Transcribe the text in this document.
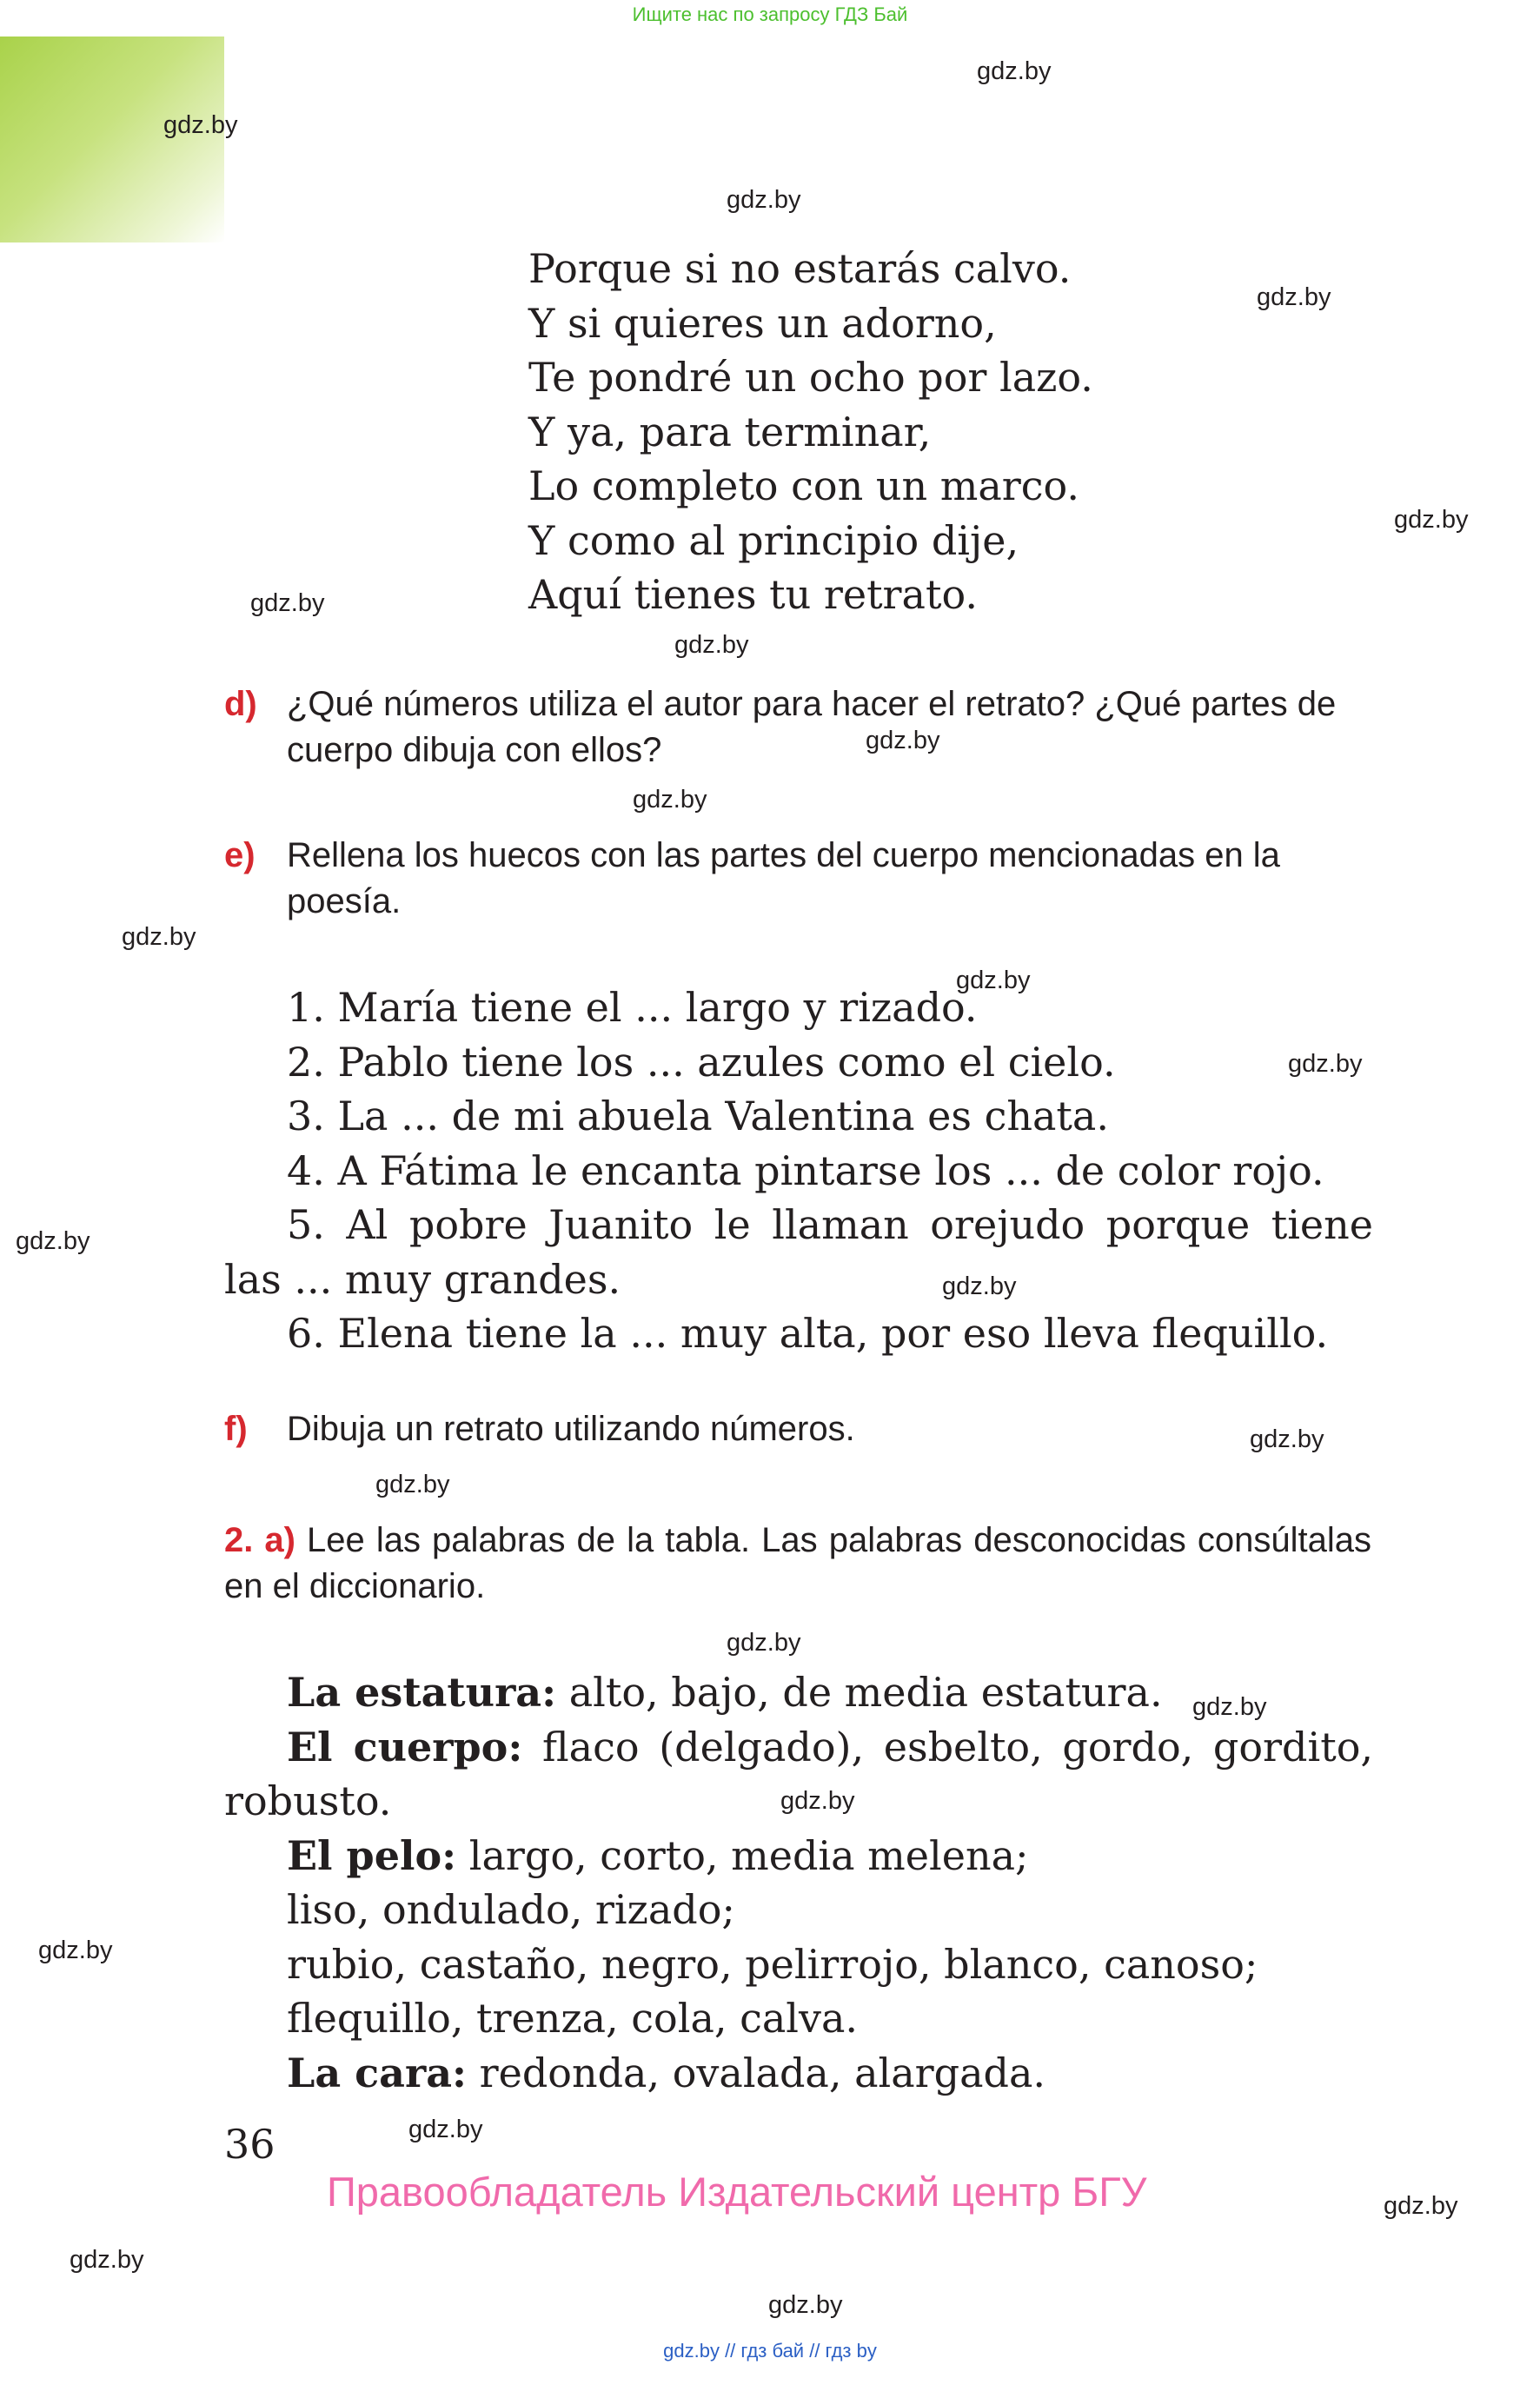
Ищите нас по запросу ГДЗ Бай
gdz.by
gdz.by
gdz.by
gdz.by
gdz.by
gdz.by
gdz.by
gdz.by
gdz.by
gdz.by
gdz.by
gdz.by
gdz.by
gdz.by
gdz.by
gdz.by
gdz.by
gdz.by
gdz.by
gdz.by
gdz.by
gdz.by
gdz.by
gdz.by
Porque si no estarás calvo.
Y si quieres un adorno,
Te pondré un ocho por lazo.
Y ya, para terminar,
Lo completo con un marco.
Y como al principio dije,
Aquí tienes tu retrato.
d) ¿Qué números utiliza el autor para hacer el retrato? ¿Qué partes de cuerpo dibuja con ellos?
e) Rellena los huecos con las partes del cuerpo mencionadas en la poesía.
1. María tiene el ... largo y rizado.
2. Pablo tiene los ... azules como el cielo.
3. La ... de mi abuela Valentina es chata.
4. A Fátima le encanta pintarse los ... de color rojo.
5. Al pobre Juanito le llaman orejudo porque tiene
las ... muy grandes.
6. Elena tiene la ... muy alta, por eso lleva flequillo.
f) Dibuja un retrato utilizando números.
2. a) Lee las palabras de la tabla. Las palabras desconocidas consúltalas en el diccionario.
La estatura: alto, bajo, de media estatura.
El cuerpo: flaco (delgado), esbelto, gordo, gordito,
robusto.
El pelo: largo, corto, media melena;
liso, ondulado, rizado;
rubio, castaño, negro, pelirrojo, blanco, canoso;
flequillo, trenza, cola, calva.
La cara: redonda, ovalada, alargada.
36
Правообладатель Издательский центр БГУ
gdz.by // гдз бай // гдз by
